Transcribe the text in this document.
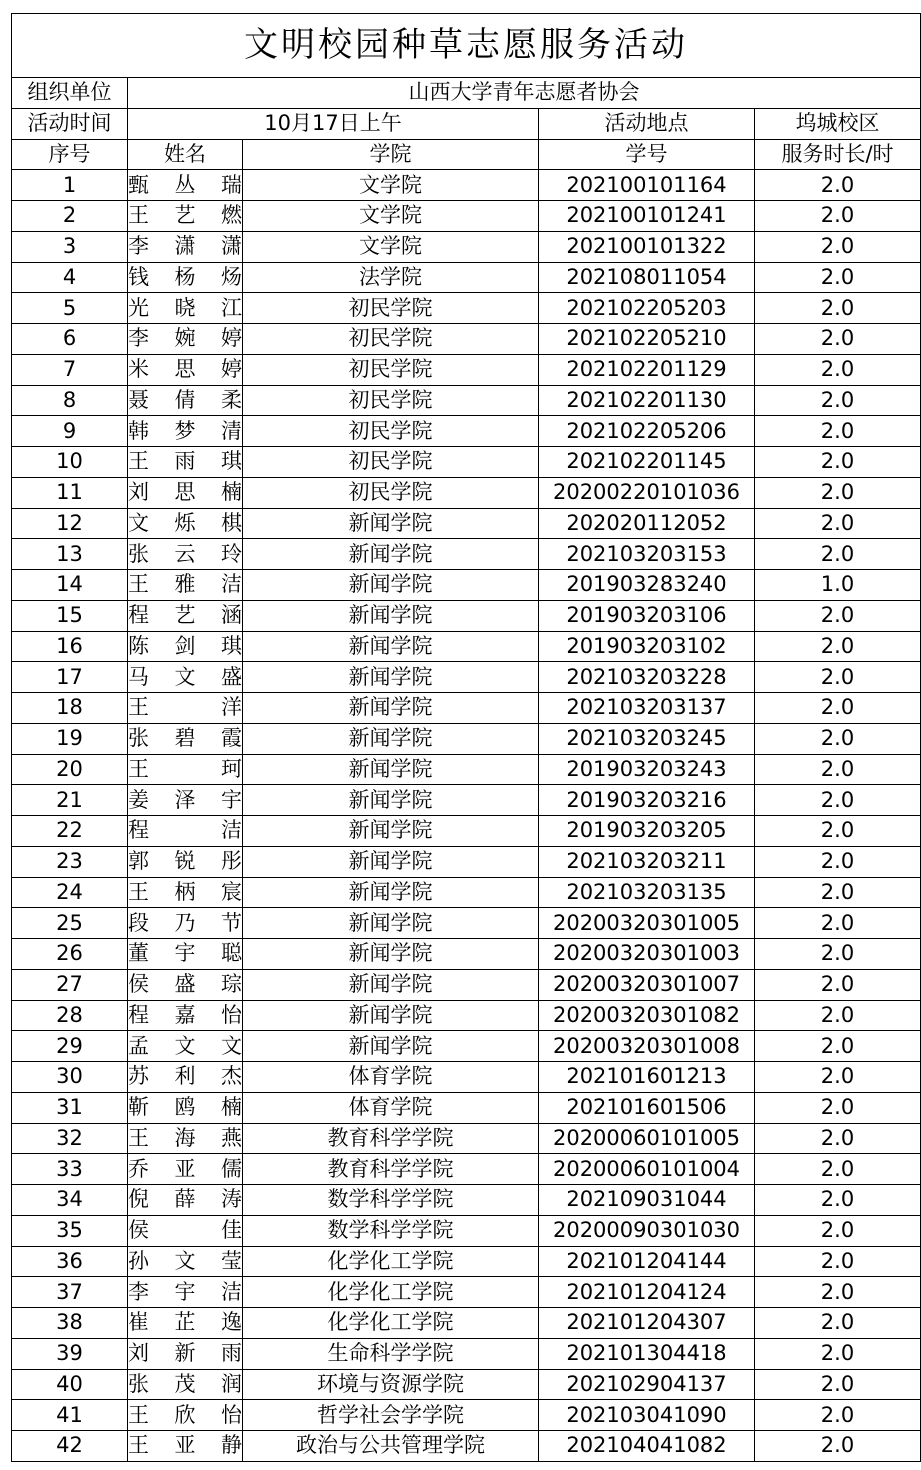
文明校园种草志愿服务活动				
组织单位	山西大学青年志愿者协会			
活动时间	10月17日上午		活动地点	坞城校区
序号	姓名	学院	学号	服务时长/时
1	甄丛瑞	文学院	202100101164	2.0
2	王艺燃	文学院	202100101241	2.0
3	李潇潇	文学院	202100101322	2.0
4	钱杨炀	法学院	202108011054	2.0
5	光晓江	初民学院	202102205203	2.0
6	李婉婷	初民学院	202102205210	2.0
7	米思婷	初民学院	202102201129	2.0
8	聂倩柔	初民学院	202102201130	2.0
9	韩梦清	初民学院	202102205206	2.0
10	王雨琪	初民学院	202102201145	2.0
11	刘思楠	初民学院	20200220101036	2.0
12	文烁棋	新闻学院	202020112052	2.0
13	张云玲	新闻学院	202103203153	2.0
14	王雅洁	新闻学院	201903283240	1.0
15	程艺涵	新闻学院	201903203106	2.0
16	陈剑琪	新闻学院	201903203102	2.0
17	马文盛	新闻学院	202103203228	2.0
18	王洋	新闻学院	202103203137	2.0
19	张碧霞	新闻学院	202103203245	2.0
20	王珂	新闻学院	201903203243	2.0
21	姜泽宇	新闻学院	201903203216	2.0
22	程洁	新闻学院	201903203205	2.0
23	郭锐彤	新闻学院	202103203211	2.0
24	王柄宸	新闻学院	202103203135	2.0
25	段乃节	新闻学院	20200320301005	2.0
26	董宇聪	新闻学院	20200320301003	2.0
27	侯盛琮	新闻学院	20200320301007	2.0
28	程嘉怡	新闻学院	20200320301082	2.0
29	孟文文	新闻学院	20200320301008	2.0
30	苏利杰	体育学院	202101601213	2.0
31	靳鸥楠	体育学院	202101601506	2.0
32	王海燕	教育科学学院	20200060101005	2.0
33	乔亚儒	教育科学学院	20200060101004	2.0
34	倪薛涛	数学科学学院	202109031044	2.0
35	侯佳	数学科学学院	20200090301030	2.0
36	孙文莹	化学化工学院	202101204144	2.0
37	李宇洁	化学化工学院	202101204124	2.0
38	崔芷逸	化学化工学院	202101204307	2.0
39	刘新雨	生命科学学院	202101304418	2.0
40	张茂润	环境与资源学院	202102904137	2.0
41	王欣怡	哲学社会学学院	202103041090	2.0
42	王亚静	政治与公共管理学院	202104041082	2.0
